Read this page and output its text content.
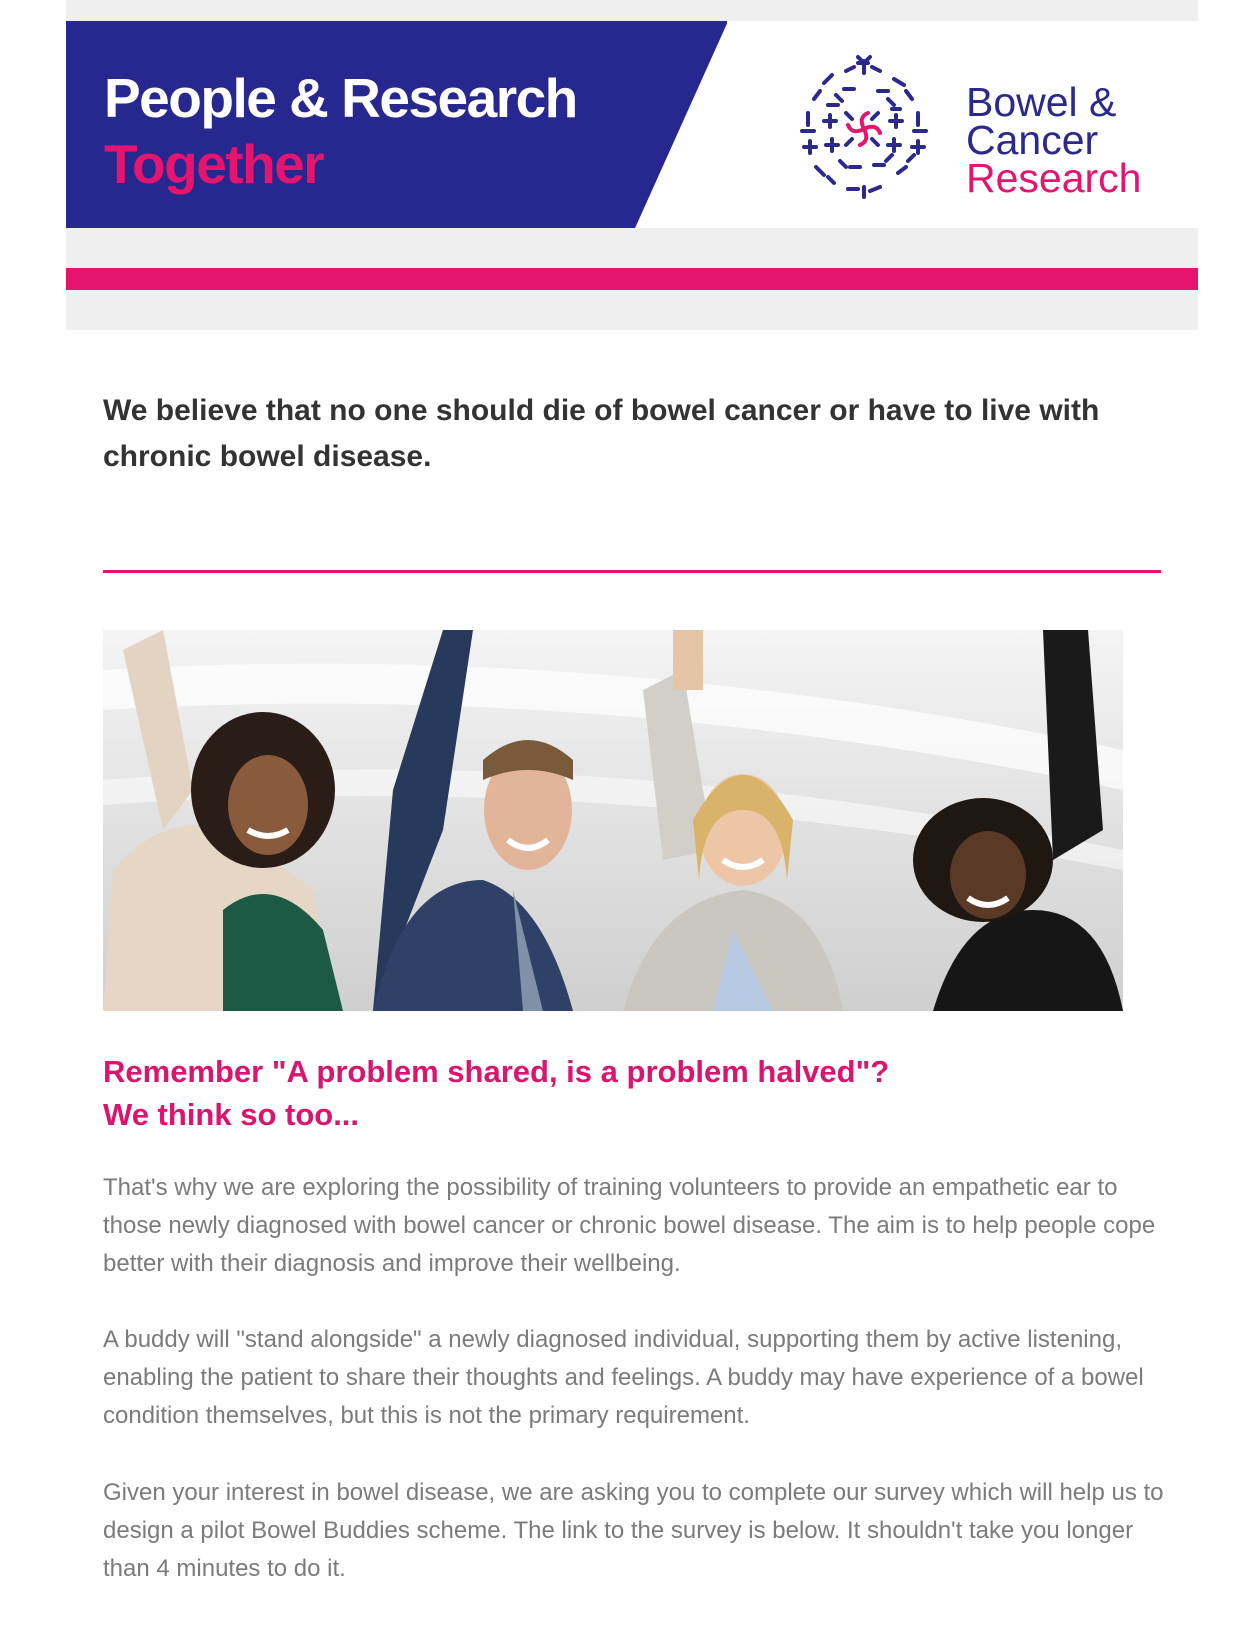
People & Research
Together
Bowel &
Cancer
Research
We believe that no one should die of bowel cancer or have to live with chronic bowel disease.
Remember "A problem shared, is a problem halved"?
We think so too...

That's why we are exploring the possibility of training volunteers to provide an empathetic ear to those newly diagnosed with bowel cancer or chronic bowel disease. The aim is to help people cope better with their diagnosis and improve their wellbeing.

A buddy will "stand alongside" a newly diagnosed individual, supporting them by active listening, enabling the patient to share their thoughts and feelings. A buddy may have experience of a bowel condition themselves, but this is not the primary requirement.

Given your interest in bowel disease, we are asking you to complete our survey which will help us to design a pilot Bowel Buddies scheme. The link to the survey is below. It shouldn't take you longer than 4 minutes to do it.
